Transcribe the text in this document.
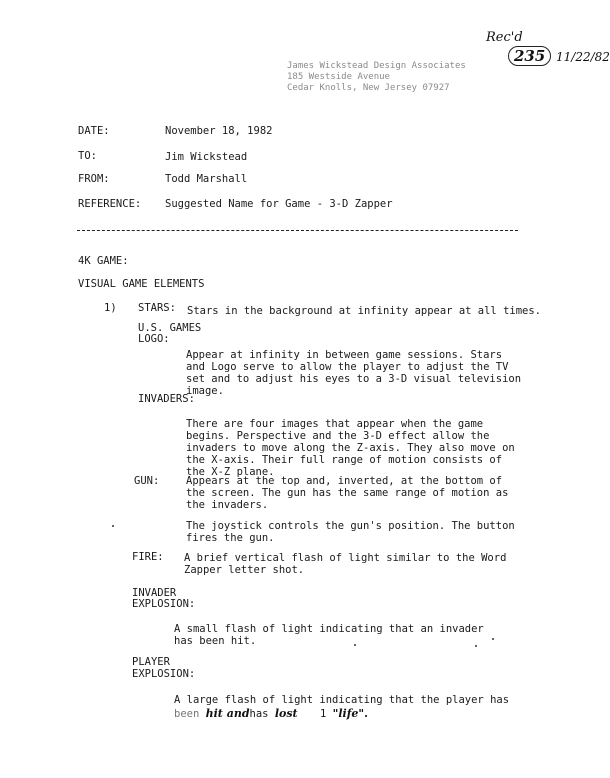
Rec'd
235 11/22/82
James Wickstead Design Associates
185 Westside Avenue
Cedar Knolls, New Jersey 07927
DATE:	November 18, 1982
TO:	Jim Wickstead
FROM:	Todd Marshall
REFERENCE: Suggested Name for Game - 3-D Zapper
4K GAME:
VISUAL GAME ELEMENTS
1) STARS: Stars in the background at infinity appear at all times.
U.S. GAMES
LOGO:
Appear at infinity in between game sessions. Stars and Logo serve to allow the player to adjust the TV set and to adjust his eyes to a 3-D visual television image.
INVADERS:
There are four images that appear when the game begins. Perspective and the 3-D effect allow the invaders to move along the Z-axis. They also move on the X-axis. Their full range of motion consists of the X-Z plane.
GUN:	Appears at the top and, inverted, at the bottom of the screen. The gun has the same range of motion as the invaders.
The joystick controls the gun's position. The button fires the gun.
FIRE: A brief vertical flash of light similar to the Word Zapper letter shot.
INVADER
EXPLOSION:
A small flash of light indicating that an invader has been hit.
PLAYER
EXPLOSION:
A large flash of light indicating that the player has
been hit andhas lost 1 "life".
